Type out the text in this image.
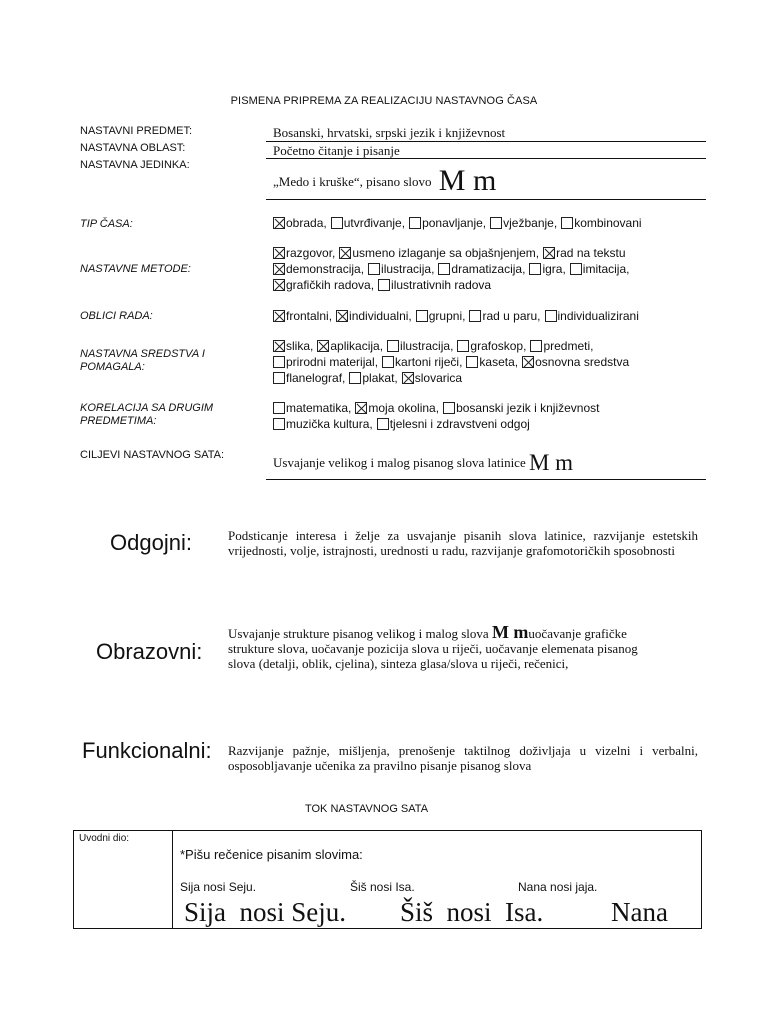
PISMENA PRIPREMA ZA REALIZACIJU NASTAVNOG ČASA
NASTAVNI PREDMET:	Bosanski, hrvatski, srpski jezik i književnost
NASTAVNA OBLAST:	Početno čitanje i pisanje
NASTAVNA JEDINKA:
„Medo i kruške“, pisano slovo M m
TIP ČASA:	obrada, utvrđivanje, ponavljanje, vježbanje, kombinovani
NASTAVNE METODE:
razgovor, usmeno izlaganje sa objašnjenjem, rad na tekstu
demonstracija, ilustracija, dramatizacija, igra, imitacija,
grafičkih radova, ilustrativnih radova
OBLICI RADA:	frontalni, individualni, grupni, rad u paru, individualizirani
NASTAVNA SREDSTVA I POMAGALA:
slika, aplikacija, ilustracija, grafoskop, predmeti,
prirodni materijal, kartoni riječi, kaseta, osnovna sredstva
flanelograf, plakat, slovarica
KORELACIJA SA DRUGIM PREDMETIMA:
matematika, moja okolina, bosanski jezik i književnost
muzička kultura, tjelesni i zdravstveni odgoj
CILJEVI NASTAVNOG SATA:	Usvajanje velikog i malog pisanog slova latinice M m
Odgojni:	Podsticanje interesa i želje za usvajanje pisanih slova latinice, razvijanje estetskih vrijednosti, volje, istrajnosti, urednosti u radu, razvijanje grafomotoričkih sposobnosti
Obrazovni:
Usvajanje strukture pisanog velikog i malog slova M muočavanje grafičke strukture slova, uočavanje pozicija slova u riječi, uočavanje elemenata pisanog slova (detalji, oblik, cjelina), sinteza glasa/slova u riječi, rečenici,
Funkcionalni: Razvijanje pažnje, mišljenja, prenošenje taktilnog doživljaja u vizelni i verbalni, osposobljavanje učenika za pravilno pisanje pisanog slova
TOK NASTAVNOG SATA
Uvodni dio:
*Pišu rečenice pisanim slovima:
Sija nosi Seju.	Šiš nosi Isa.	Nana nosi jaja.
Sija  nosi Seju. Šiš  nosi  Isa.	Nana
